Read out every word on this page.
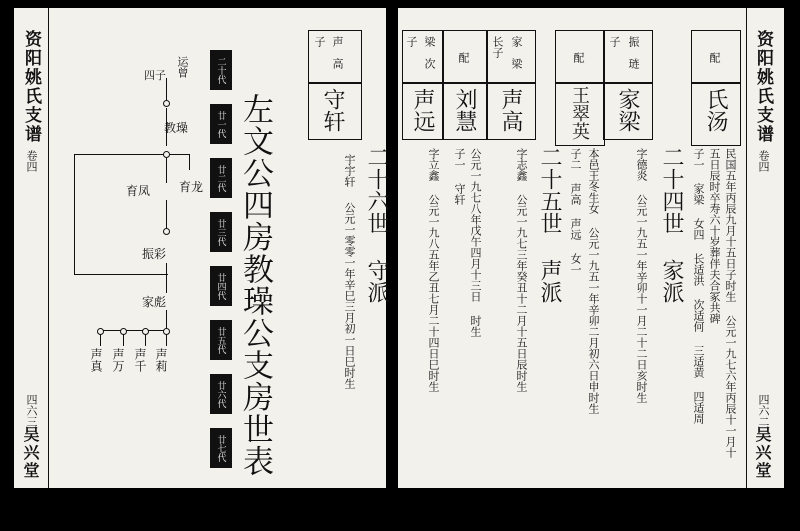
资阳姚氏支谱
卷四
四六三
吴兴堂
运曾
四子
教璪
育龙
育凤
振彩
家彪
声莉
声千
声万
声真
二十代
廿一代
廿二代
廿三代
廿四代
廿五代
廿六代
廿七代 左文公四房教璪公支房世表
子 声
高
守轩
二十六世 守派
宇宇轩
公元一零零一年辛巳三月初一日巳时生
资阳姚氏支谱
卷四
四六二
吴兴堂
配
氏汤
民国五年丙辰九月十五日子时生 公元一九七六年丙辰十一月十
五日辰时卒寿六十岁葬伴夫合冢共碑
子一 家梁 女四 长适洪 次适何 三适黄 四适周
二十四世 家派
子 振
琏
家梁
字德炎 公元一九五一年辛卯十一月二十二日亥时生
配
王翠英
本邑王冬生女 公元一九五一年辛卯二月初六日申时生
子二 声高 声远 女一
二十五世 声派
长子 家
梁
声高
字志鑫 公元一九七三年癸丑十二月十五日辰时生
配
刘慧
公元一九七八年戊午四月十三日 时生
子一 守轩
子 梁
次
声远
字立鑫 公元一九八五年乙丑七月二十四日巳时生
